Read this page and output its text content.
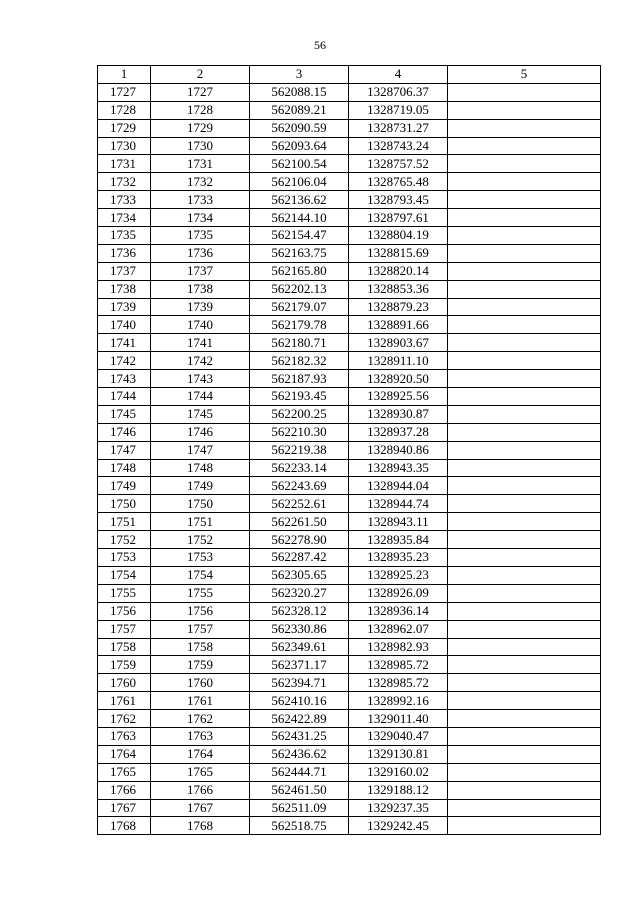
56
1	2	3	4	5
1727	1727	562088.15	1328706.37	
1728	1728	562089.21	1328719.05	
1729	1729	562090.59	1328731.27	
1730	1730	562093.64	1328743.24	
1731	1731	562100.54	1328757.52	
1732	1732	562106.04	1328765.48	
1733	1733	562136.62	1328793.45	
1734	1734	562144.10	1328797.61	
1735	1735	562154.47	1328804.19	
1736	1736	562163.75	1328815.69	
1737	1737	562165.80	1328820.14	
1738	1738	562202.13	1328853.36	
1739	1739	562179.07	1328879.23	
1740	1740	562179.78	1328891.66	
1741	1741	562180.71	1328903.67	
1742	1742	562182.32	1328911.10	
1743	1743	562187.93	1328920.50	
1744	1744	562193.45	1328925.56	
1745	1745	562200.25	1328930.87	
1746	1746	562210.30	1328937.28	
1747	1747	562219.38	1328940.86	
1748	1748	562233.14	1328943.35	
1749	1749	562243.69	1328944.04	
1750	1750	562252.61	1328944.74	
1751	1751	562261.50	1328943.11	
1752	1752	562278.90	1328935.84	
1753	1753	562287.42	1328935.23	
1754	1754	562305.65	1328925.23	
1755	1755	562320.27	1328926.09	
1756	1756	562328.12	1328936.14	
1757	1757	562330.86	1328962.07	
1758	1758	562349.61	1328982.93	
1759	1759	562371.17	1328985.72	
1760	1760	562394.71	1328985.72	
1761	1761	562410.16	1328992.16	
1762	1762	562422.89	1329011.40	
1763	1763	562431.25	1329040.47	
1764	1764	562436.62	1329130.81	
1765	1765	562444.71	1329160.02	
1766	1766	562461.50	1329188.12	
1767	1767	562511.09	1329237.35	
1768	1768	562518.75	1329242.45	
